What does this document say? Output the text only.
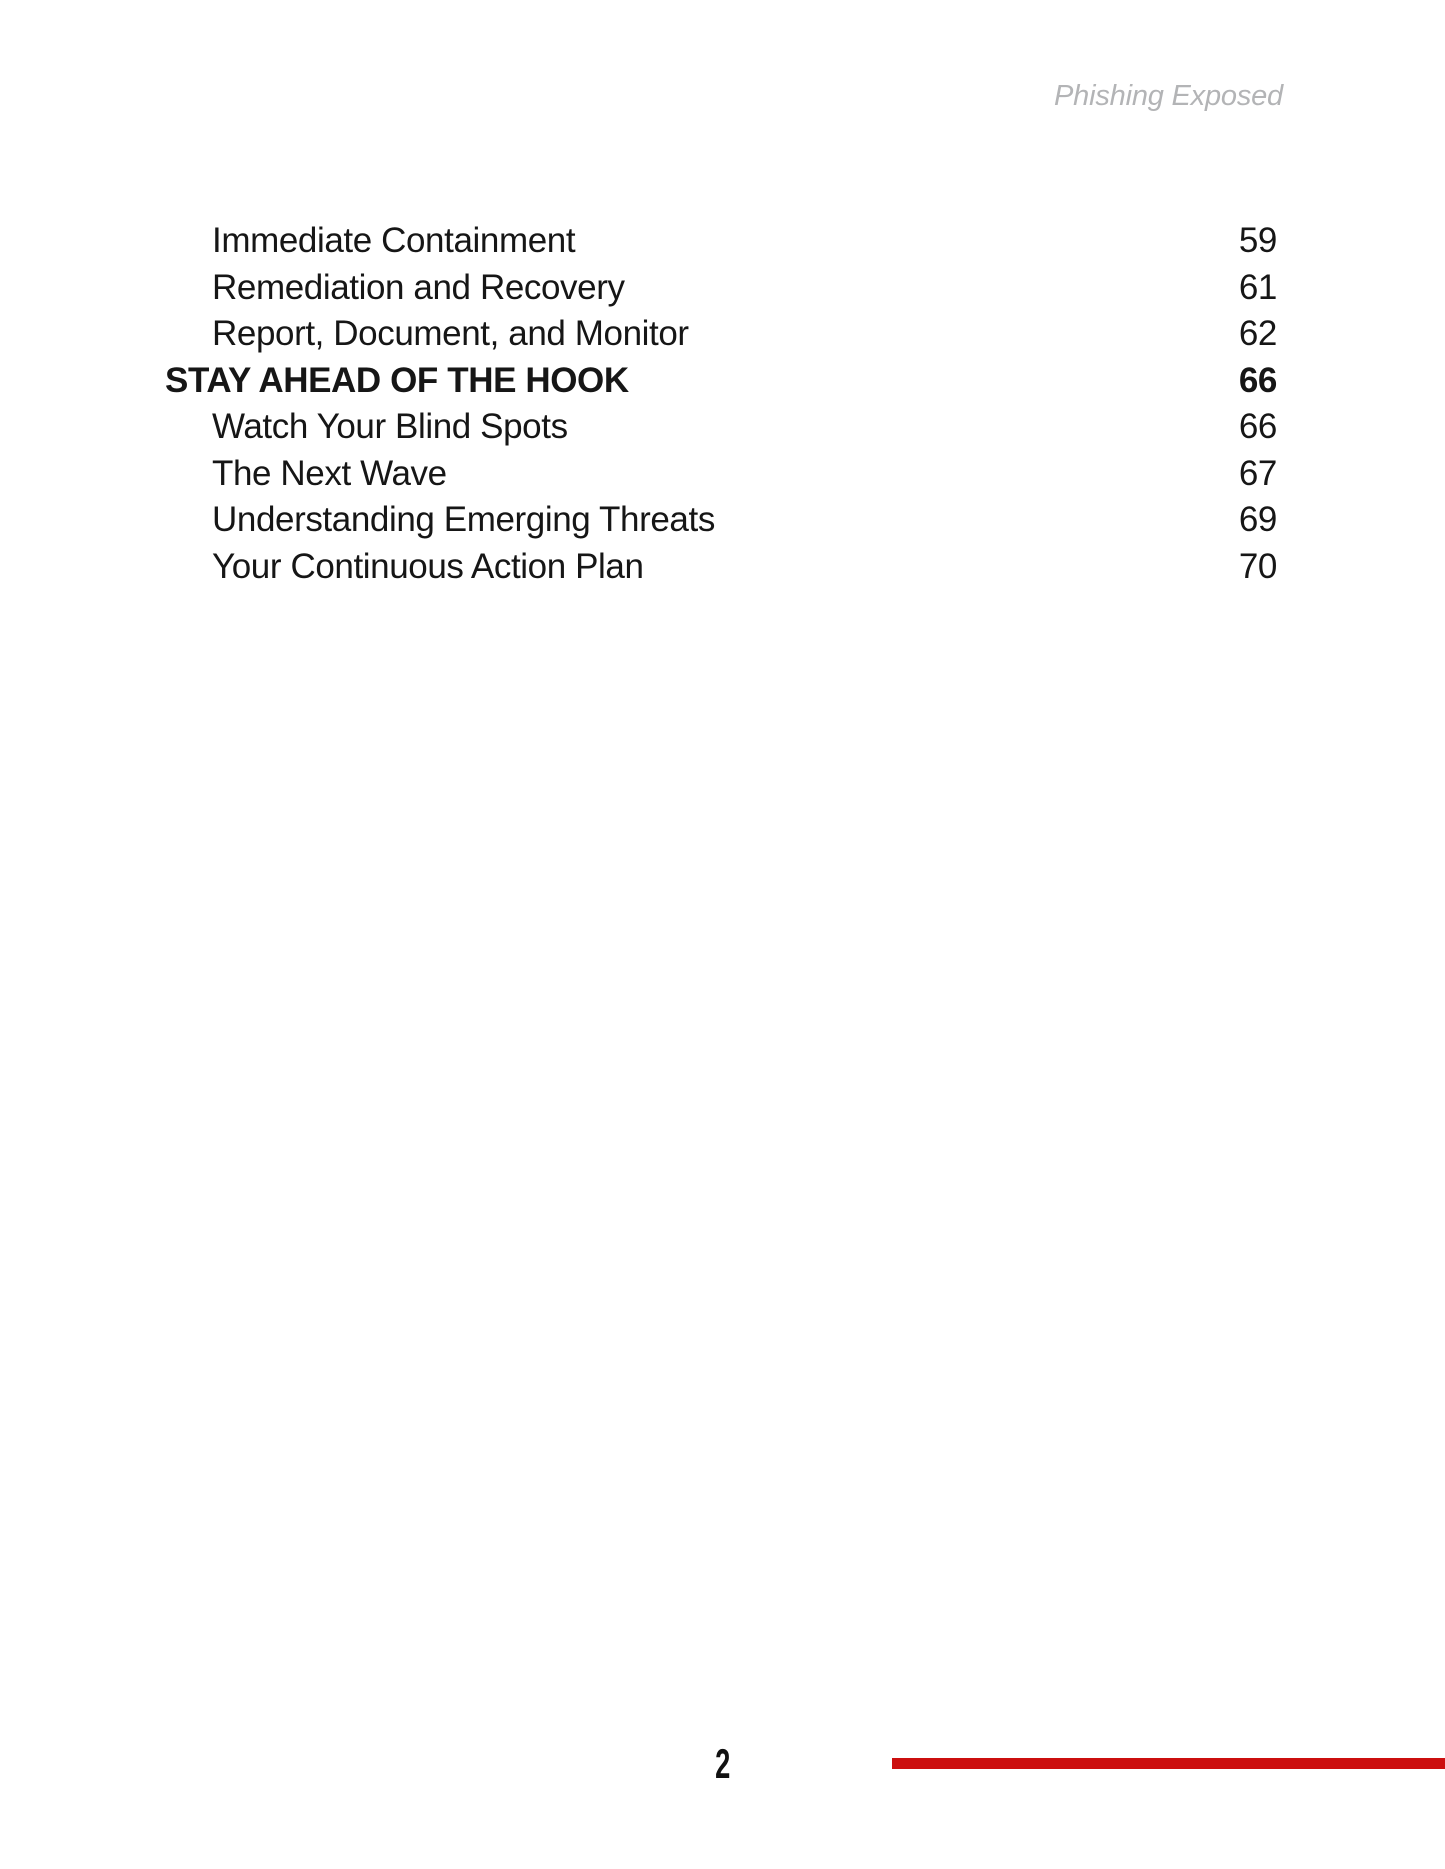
Phishing Exposed
Immediate Containment	59
Remediation and Recovery	61
Report, Document, and Monitor	62
STAY AHEAD OF THE HOOK	66
Watch Your Blind Spots	66
The Next Wave	67
Understanding Emerging Threats	69
Your Continuous Action Plan	70
2
